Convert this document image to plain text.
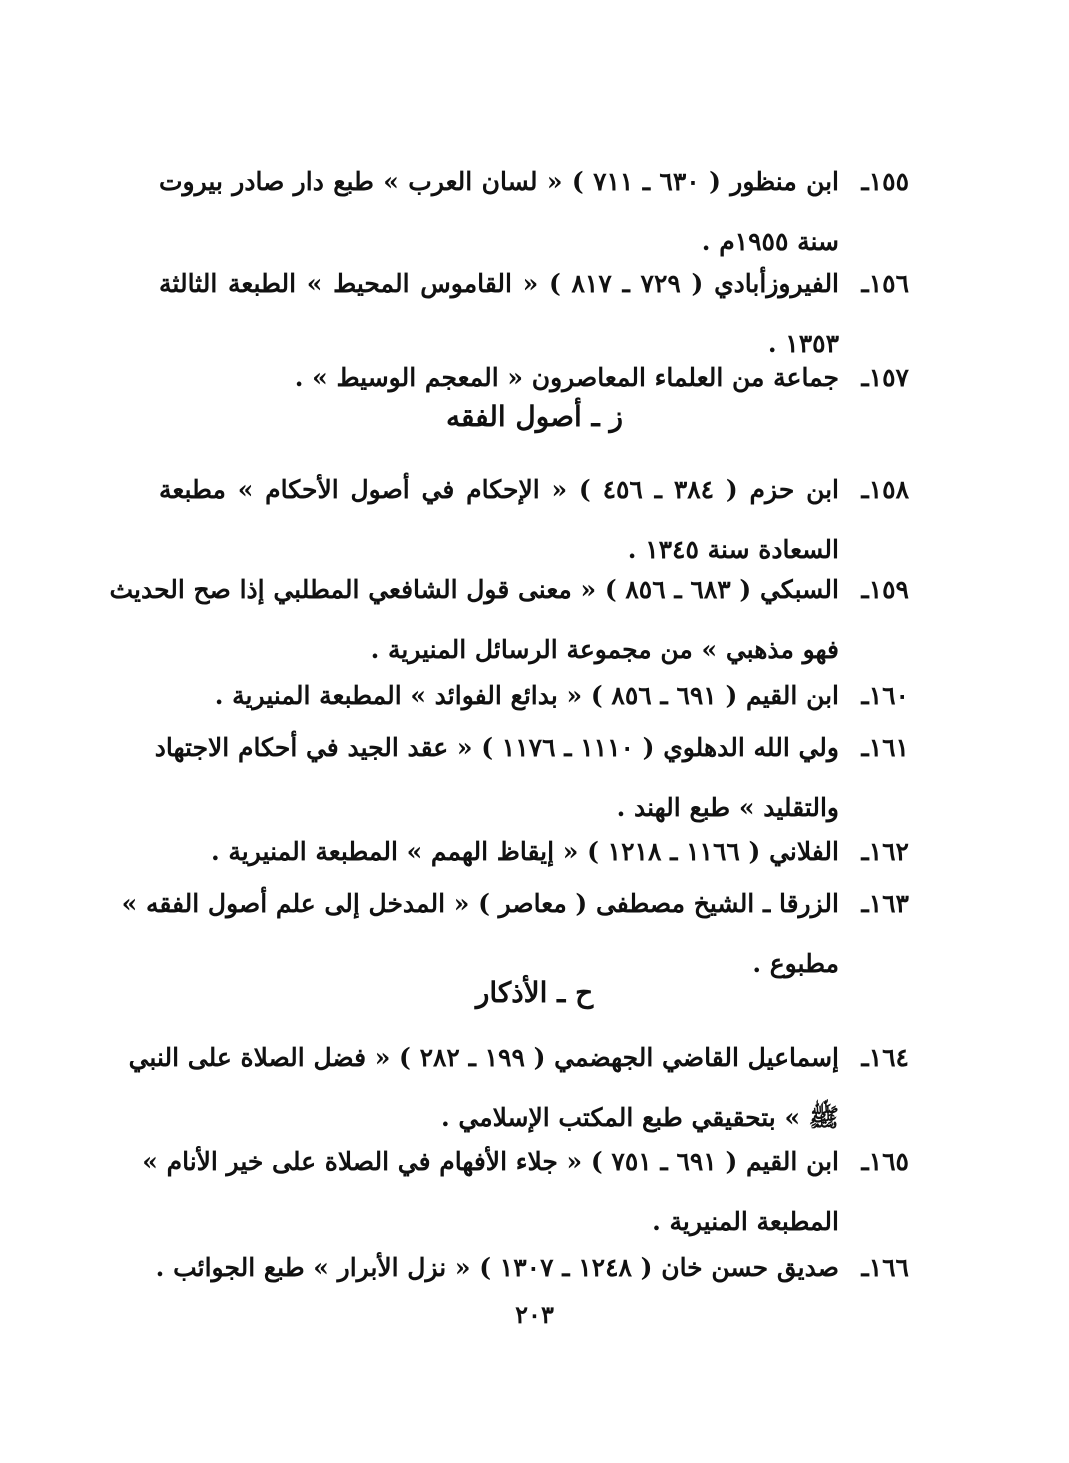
١٥٥ـابن منظور ( ٦٣٠ ـ ٧١١ ) « لسان العرب » طبع دار صادر بيروت
سنة ١٩٥٥م .
١٥٦ـالفيروزأبادي ( ٧٢٩ ـ ٨١٧ ) « القاموس المحيط » الطبعة الثالثة
١٣٥٣ .
١٥٧ـجماعة من العلماء المعاصرون « المعجم الوسيط » .
ز ـ أصول الفقه
١٥٨ـابن حزم ( ٣٨٤ ـ ٤٥٦ ) « الإحكام في أصول الأحكام » مطبعة
السعادة سنة ١٣٤٥ .
١٥٩ـالسبكي ( ٦٨٣ ـ ٨٥٦ ) « معنى قول الشافعي المطلبي إذا صح الحديث
فهو مذهبي » من مجموعة الرسائل المنيرية .
١٦٠ـابن القيم ( ٦٩١ ـ ٨٥٦ ) « بدائع الفوائد » المطبعة المنيرية .
١٦١ـولي الله الدهلوي ( ١١١٠ ـ ١١٧٦ ) « عقد الجيد في أحكام الاجتهاد
والتقليد » طبع الهند .
١٦٢ـالفلاني ( ١١٦٦ ـ ١٢١٨ ) « إيقاظ الهمم » المطبعة المنيرية .
١٦٣ـالزرقا ـ الشيخ مصطفى ( معاصر ) « المدخل إلى علم أصول الفقه »
مطبوع .
ح ـ الأذكار
١٦٤ـإسماعيل القاضي الجهضمي ( ١٩٩ ـ ٢٨٢ ) « فضل الصلاة على النبي
ﷺ » بتحقيقي طبع المكتب الإسلامي .
١٦٥ـابن القيم ( ٦٩١ ـ ٧٥١ ) « جلاء الأفهام في الصلاة على خير الأنام »
المطبعة المنيرية .
١٦٦ـصديق حسن خان ( ١٢٤٨ ـ ١٣٠٧ ) « نزل الأبرار » طبع الجوائب .
٢٠٣
